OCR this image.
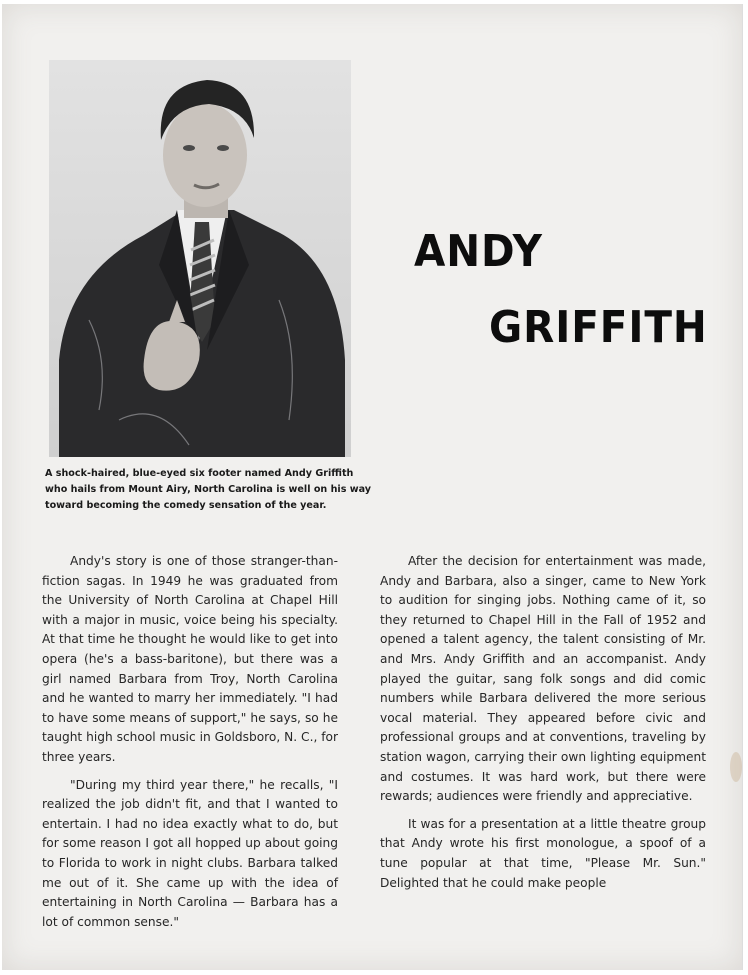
A shock-haired, blue-eyed six footer named Andy Griffith who hails from Mount Airy, North Carolina is well on his way toward becoming the comedy sensation of the year.
ANDY
GRIFFITH

Andy's story is one of those stranger-than-fiction sagas. In 1949 he was graduated from the University of North Carolina at Chapel Hill with a major in music, voice being his specialty. At that time he thought he would like to get into opera (he's a bass-baritone), but there was a girl named Barbara from Troy, North Carolina and he wanted to marry her immediately. "I had to have some means of support," he says, so he taught high school music in Goldsboro, N. C., for three years.

"During my third year there," he recalls, "I realized the job didn't fit, and that I wanted to entertain. I had no idea exactly what to do, but for some reason I got all hopped up about going to Florida to work in night clubs. Barbara talked me out of it. She came up with the idea of entertaining in North Carolina — Barbara has a lot of common sense."

After the decision for entertainment was made, Andy and Barbara, also a singer, came to New York to audition for singing jobs. Nothing came of it, so they returned to Chapel Hill in the Fall of 1952 and opened a talent agency, the talent consisting of Mr. and Mrs. Andy Griffith and an accompanist. Andy played the guitar, sang folk songs and did comic numbers while Barbara delivered the more serious vocal material. They appeared before civic and professional groups and at conventions, traveling by station wagon, carrying their own lighting equipment and costumes. It was hard work, but there were rewards; audiences were friendly and appreciative.

It was for a presentation at a little theatre group that Andy wrote his first monologue, a spoof of a tune popular at that time, "Please Mr. Sun." Delighted that he could make people
